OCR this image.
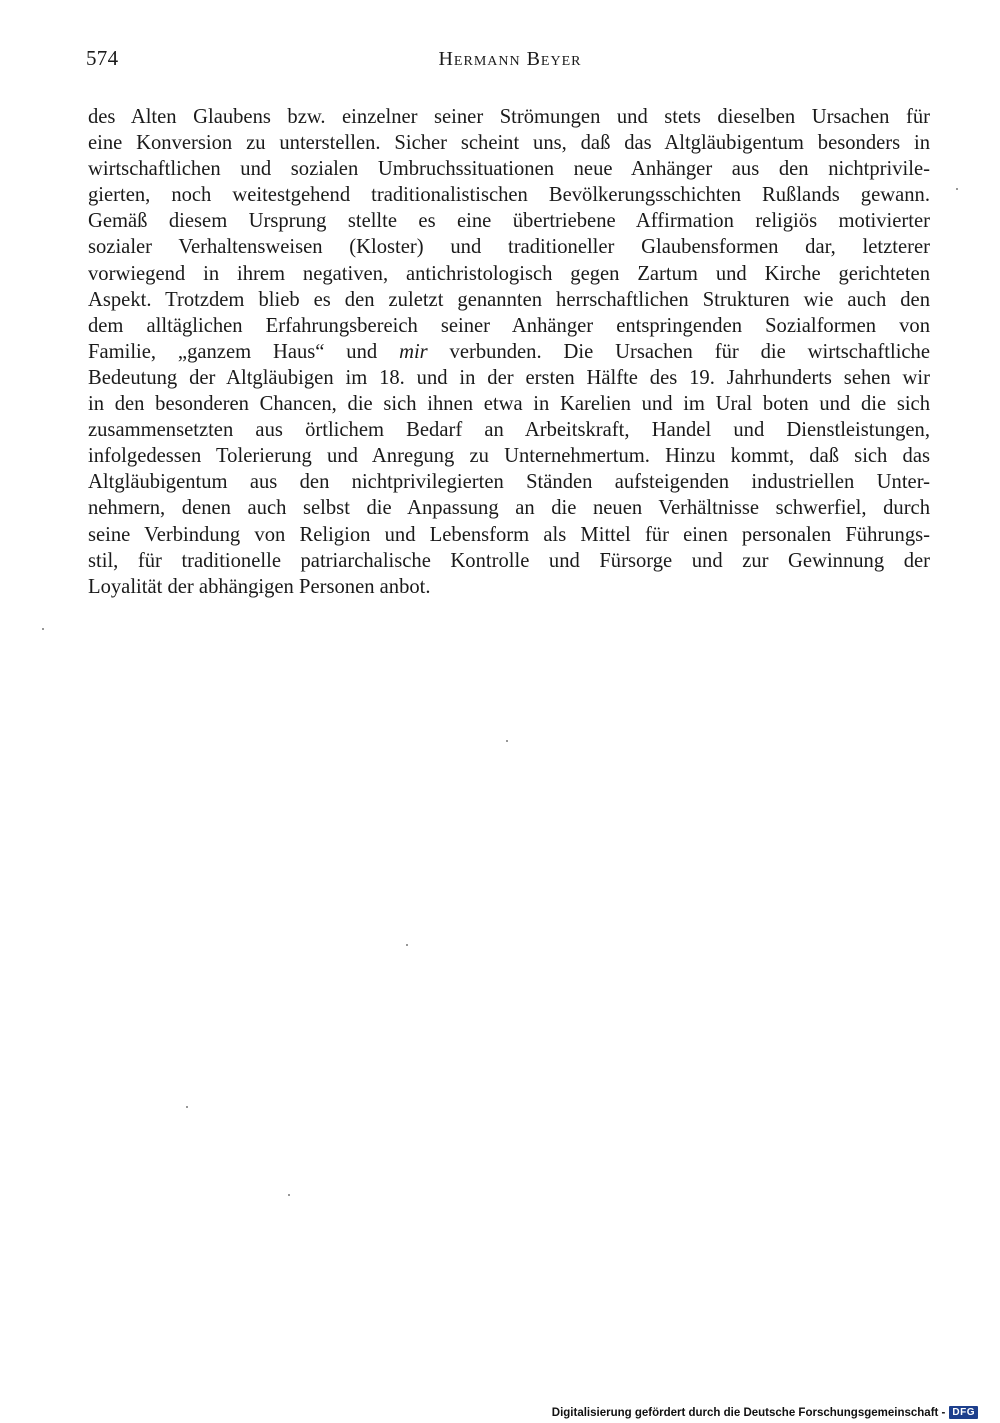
574	Hermann Beyer
des Alten Glaubens bzw. einzelner seiner Strömungen und stets dieselben Ursachen für
eine Konversion zu unterstellen. Sicher scheint uns, daß das Altgläubigentum besonders in
wirtschaftlichen und sozialen Umbruchssituationen neue Anhänger aus den nichtprivile-
gierten, noch weitestgehend traditionalistischen Bevölkerungsschichten Rußlands gewann.
Gemäß diesem Ursprung stellte es eine übertriebene Affirmation religiös motivierter
sozialer Verhaltensweisen (Kloster) und traditioneller Glaubensformen dar, letzterer
vorwiegend in ihrem negativen, antichristologisch gegen Zartum und Kirche gerichteten
Aspekt. Trotzdem blieb es den zuletzt genannten herrschaftlichen Strukturen wie auch den
dem alltäglichen Erfahrungsbereich seiner Anhänger entspringenden Sozialformen von
Familie, „ganzem Haus“ und mir verbunden. Die Ursachen für die wirtschaftliche
Bedeutung der Altgläubigen im 18. und in der ersten Hälfte des 19. Jahrhunderts sehen wir
in den besonderen Chancen, die sich ihnen etwa in Karelien und im Ural boten und die sich
zusammensetzten aus örtlichem Bedarf an Arbeitskraft, Handel und Dienstleistungen,
infolgedessen Tolerierung und Anregung zu Unternehmertum. Hinzu kommt, daß sich das
Altgläubigentum aus den nichtprivilegierten Ständen aufsteigenden industriellen Unter-
nehmern, denen auch selbst die Anpassung an die neuen Verhältnisse schwerfiel, durch
seine Verbindung von Religion und Lebensform als Mittel für einen personalen Führungs-
stil, für traditionelle patriarchalische Kontrolle und Fürsorge und zur Gewinnung der
Loyalität der abhängigen Personen anbot.
Digitalisierung gefördert durch die Deutsche Forschungsgemeinschaft - DFG
